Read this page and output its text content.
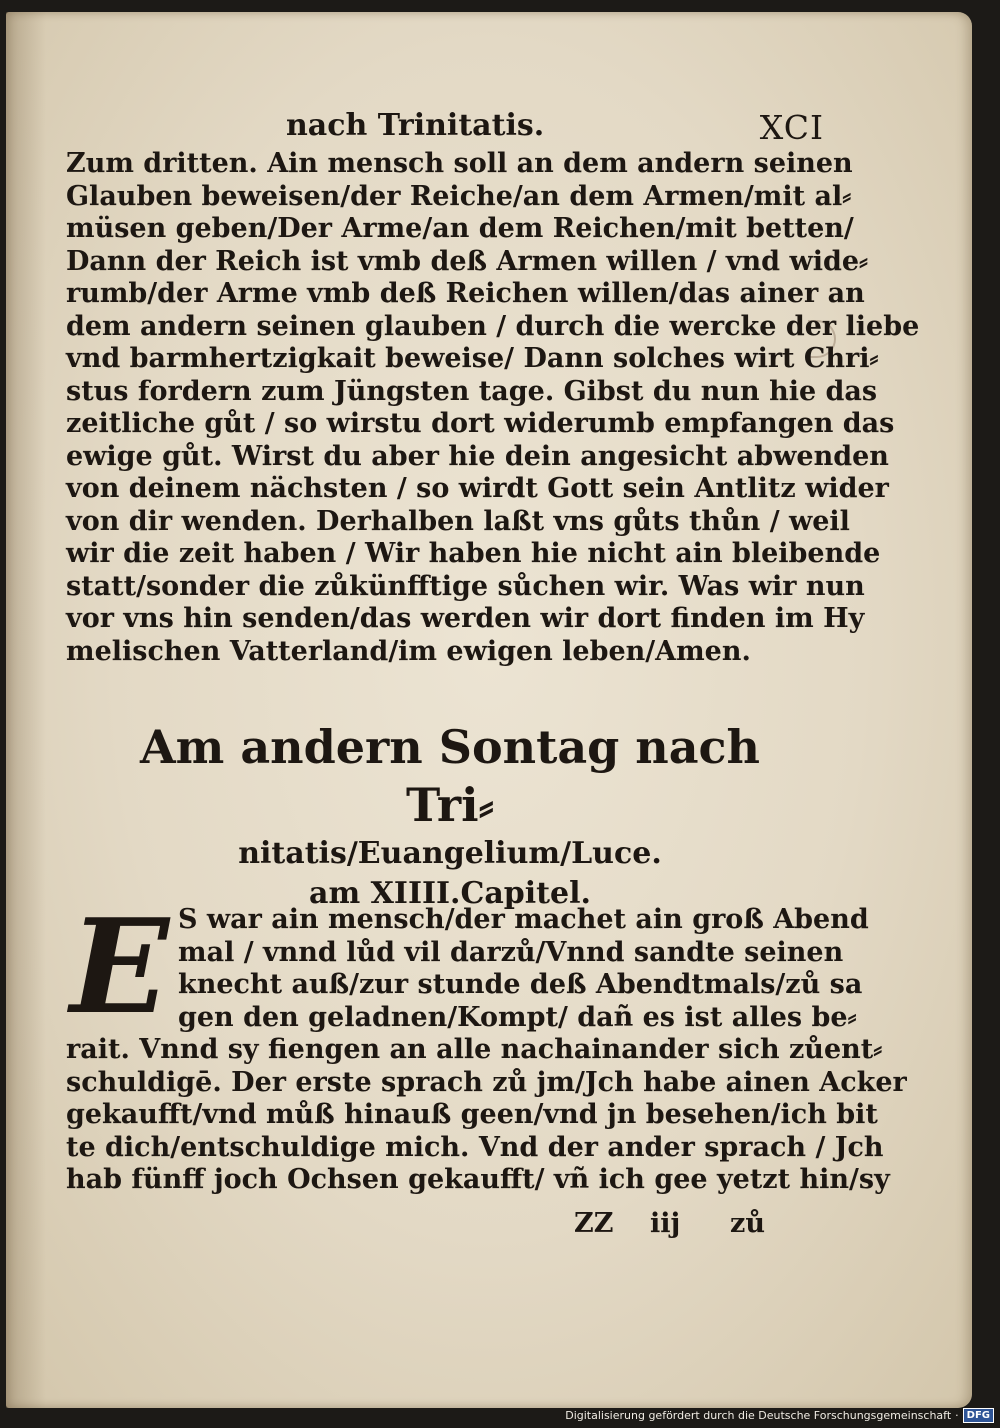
nach Trinitatis.	XCI
Zum dritten. Ain mensch soll an dem andern seinen
Glauben beweisen/der Reiche/an dem Armen/mit al⸗
müsen geben/Der Arme/an dem Reichen/mit betten/
Dann der Reich ist vmb deß Armen willen / vnd wide⸗
rumb/der Arme vmb deß Reichen willen/das ainer an
dem andern seinen glauben / durch die wercke der liebe
vnd barmhertzigkait beweise/ Dann solches wirt Chri⸗
stus fordern zum Jüngsten tage. Gibst du nun hie das
zeitliche gůt / so wirstu dort widerumb empfangen das
ewige gůt. Wirst du aber hie dein angesicht abwenden
von deinem nächsten / so wirdt Gott sein Antlitz wider
von dir wenden. Derhalben laßt vns gůts thůn / weil
wir die zeit haben / Wir haben hie nicht ain bleibende
statt/sonder die zůkünfftige sůchen wir. Was wir nun
vor vns hin senden/das werden wir dort finden im Hy
melischen Vatterland/im ewigen leben/Amen.
Am andern Sontag nach Tri⸗
nitatis/Euangelium/Luce.
am XIIII.Capitel.
E S war ain mensch/der machet ain groß Abend
mal / vnnd lůd vil darzů/Vnnd sandte seinen
knecht auß/zur stunde deß Abendtmals/zů sa
gen den geladnen/Kompt/ dañ es ist alles be⸗
rait. Vnnd sy fiengen an alle nachainander sich zůent⸗
schuldigē. Der erste sprach zů jm/Jch habe ainen Acker
gekaufft/vnd můß hinauß geen/vnd jn besehen/ich bit
te dich/entschuldige mich. Vnd der ander sprach / Jch
hab fünff joch Ochsen gekaufft/ vñ ich gee yetzt hin/sy
ZZ iij zů
Digitalisierung gefördert durch die Deutsche Forschungsgemeinschaft · DFG
